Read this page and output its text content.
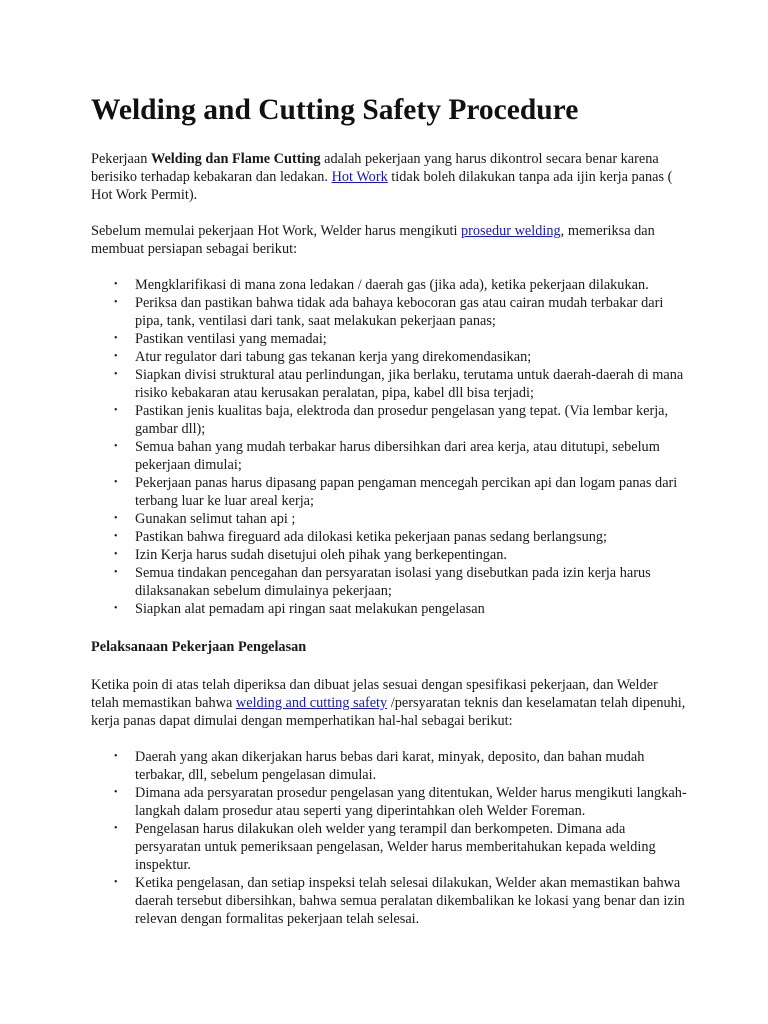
Welding and Cutting Safety Procedure

Pekerjaan Welding dan Flame Cutting adalah pekerjaan yang harus dikontrol secara benar karena berisiko terhadap kebakaran dan ledakan. Hot Work tidak boleh dilakukan tanpa ada ijin kerja panas ( Hot Work Permit).

Sebelum memulai pekerjaan Hot Work, Welder harus mengikuti prosedur welding, memeriksa dan membuat persiapan sebagai berikut:

• Mengklarifikasi di mana zona ledakan / daerah gas (jika ada), ketika pekerjaan dilakukan.
• Periksa dan pastikan bahwa tidak ada bahaya kebocoran gas atau cairan mudah terbakar dari pipa, tank, ventilasi dari tank, saat melakukan pekerjaan panas;
• Pastikan ventilasi yang memadai;
• Atur regulator dari tabung gas tekanan kerja yang direkomendasikan;
• Siapkan divisi struktural atau perlindungan, jika berlaku, terutama untuk daerah-daerah di mana risiko kebakaran atau kerusakan peralatan, pipa, kabel dll bisa terjadi;
• Pastikan jenis kualitas baja, elektroda dan prosedur pengelasan yang tepat. (Via lembar kerja, gambar dll);
• Semua bahan yang mudah terbakar harus dibersihkan dari area kerja, atau ditutupi, sebelum pekerjaan dimulai;
• Pekerjaan panas harus dipasang papan pengaman mencegah percikan api dan logam panas dari terbang luar ke luar areal kerja;
• Gunakan selimut tahan api ;
• Pastikan bahwa fireguard ada dilokasi ketika pekerjaan panas sedang berlangsung;
• Izin Kerja harus sudah disetujui oleh pihak yang berkepentingan.
• Semua tindakan pencegahan dan persyaratan isolasi yang disebutkan pada izin kerja harus dilaksanakan sebelum dimulainya pekerjaan;
• Siapkan alat pemadam api ringan saat melakukan pengelasan
Pelaksanaan Pekerjaan Pengelasan

Ketika poin di atas telah diperiksa dan dibuat jelas sesuai dengan spesifikasi pekerjaan, dan Welder telah memastikan bahwa welding and cutting safety /persyaratan teknis dan keselamatan telah dipenuhi, kerja panas dapat dimulai dengan memperhatikan hal-hal sebagai berikut:

• Daerah yang akan dikerjakan harus bebas dari karat, minyak, deposito, dan bahan mudah terbakar, dll, sebelum pengelasan dimulai.
• Dimana ada persyaratan prosedur pengelasan yang ditentukan, Welder harus mengikuti langkah-langkah dalam prosedur atau seperti yang diperintahkan oleh Welder Foreman.
• Pengelasan harus dilakukan oleh welder yang terampil dan berkompeten. Dimana ada persyaratan untuk pemeriksaan pengelasan, Welder harus memberitahukan kepada welding inspektur.
• Ketika pengelasan, dan setiap inspeksi telah selesai dilakukan, Welder akan memastikan bahwa daerah tersebut dibersihkan, bahwa semua peralatan dikembalikan ke lokasi yang benar dan izin relevan dengan formalitas pekerjaan telah selesai.
